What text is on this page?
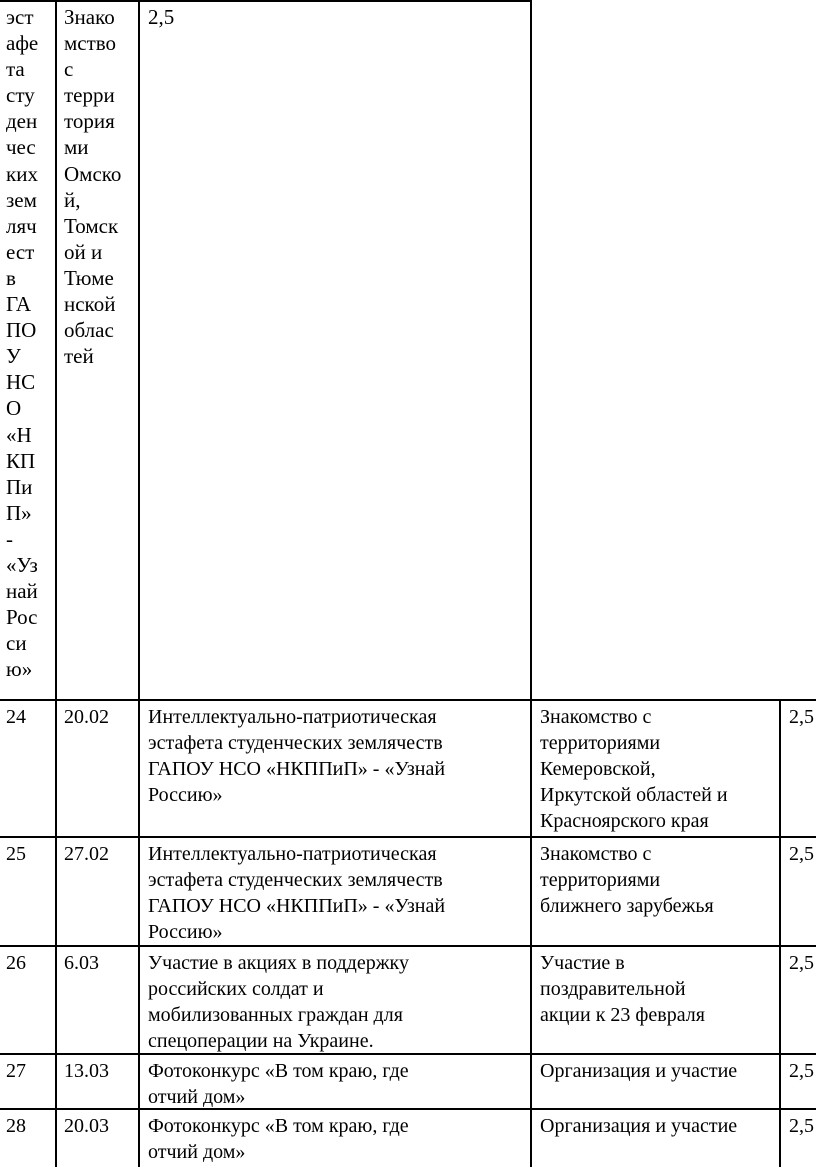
эст
афе
та
сту
ден
чес
ких
зем
ляч
ест
в
ГА
ПО
У
НС
О
«Н
КП
Пи
П»
-
«Уз
най
Рос
си
ю»
Знако
мство
с
терри
тория
ми
Омско
й,
Томск
ой и
Тюме
нской
облас
тей
2,5
24 20.02 Интеллектуально-патриотическая
эстафета студенческих землячеств
ГАПОУ НСО «НКППиП» - «Узнай
Россию»
Знакомство с
территориями
Кемеровской,
Иркутской областей и
Красноярского края
2,5
25 27.02 Интеллектуально-патриотическая
эстафета студенческих землячеств
ГАПОУ НСО «НКППиП» - «Узнай
Россию»
Знакомство с
территориями
ближнего зарубежья
2,5
26 6.03 Участие в акциях в поддержку
российских солдат и
мобилизованных граждан для
спецоперации на Украине.
Участие в
поздравительной
акции к 23 февраля
2,5
27 13.03 Фотоконкурс «В том краю, где
отчий дом»
Организация и участие	2,5
28 20.03 Фотоконкурс «В том краю, где
отчий дом»
Организация и участие	2,5
